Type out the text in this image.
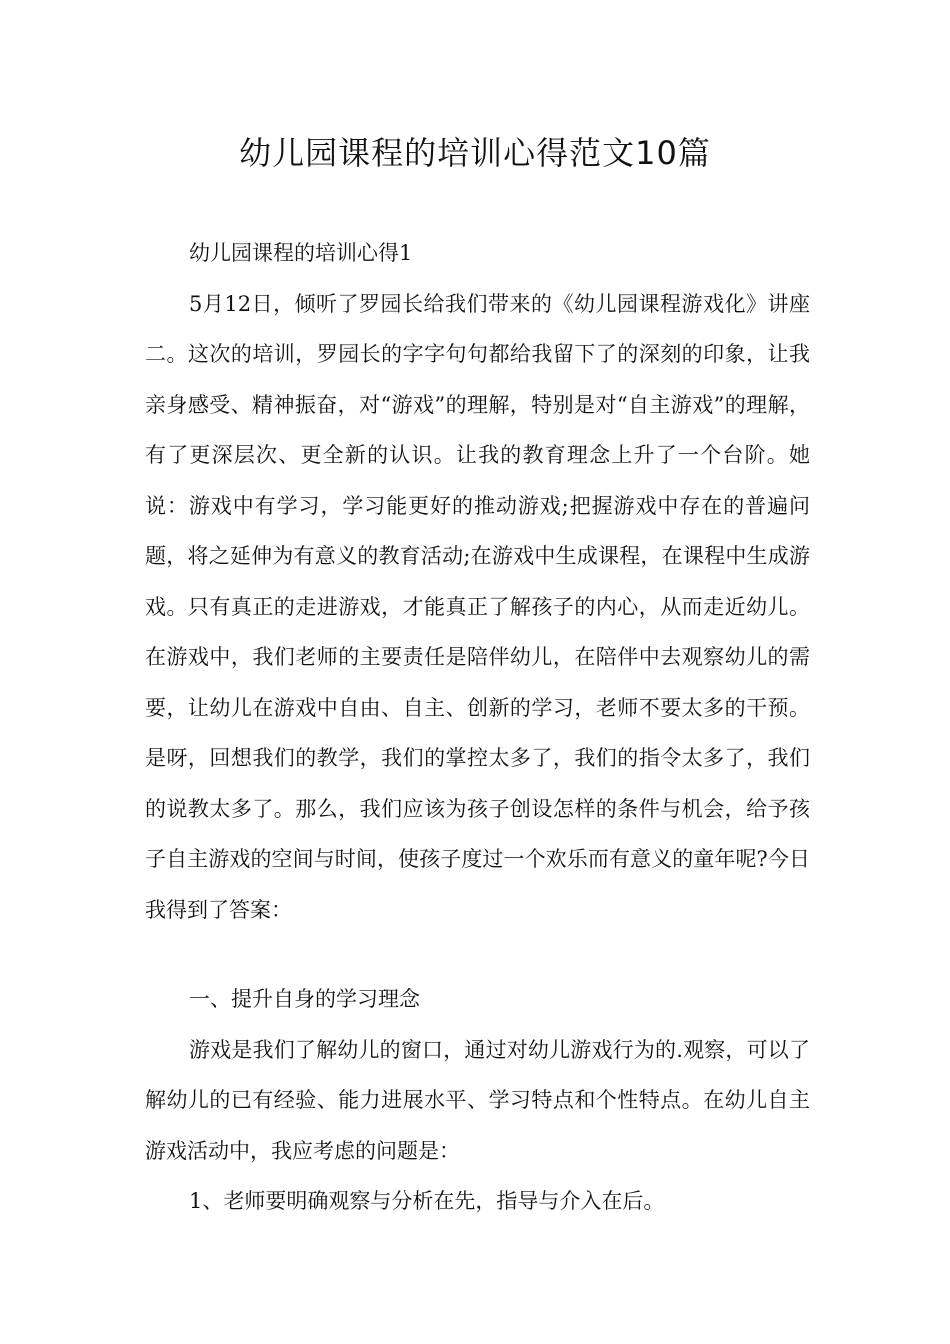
幼儿园课程的培训心得范文10篇

幼儿园课程的培训心得1

5月12日，倾听了罗园长给我们带来的《幼儿园课程游戏化》讲座二。这次的培训，罗园长的字字句句都给我留下了的深刻的印象，让我亲身感受、精神振奋，对“游戏”的理解，特别是对“自主游戏”的理解，有了更深层次、更全新的认识。让我的教育理念上升了一个台阶。她说：游戏中有学习，学习能更好的推动游戏;把握游戏中存在的普遍问题，将之延伸为有意义的教育活动;在游戏中生成课程，在课程中生成游戏。只有真正的走进游戏，才能真正了解孩子的内心，从而走近幼儿。在游戏中，我们老师的主要责任是陪伴幼儿，在陪伴中去观察幼儿的需要，让幼儿在游戏中自由、自主、创新的学习，老师不要太多的干预。是呀，回想我们的教学，我们的掌控太多了，我们的指令太多了，我们的说教太多了。那么，我们应该为孩子创设怎样的条件与机会，给予孩子自主游戏的空间与时间，使孩子度过一个欢乐而有意义的童年呢?今日我得到了答案：

一、提升自身的学习理念

游戏是我们了解幼儿的窗口，通过对幼儿游戏行为的.观察，可以了解幼儿的已有经验、能力进展水平、学习特点和个性特点。在幼儿自主游戏活动中，我应考虑的问题是：

1、老师要明确观察与分析在先，指导与介入在后。
